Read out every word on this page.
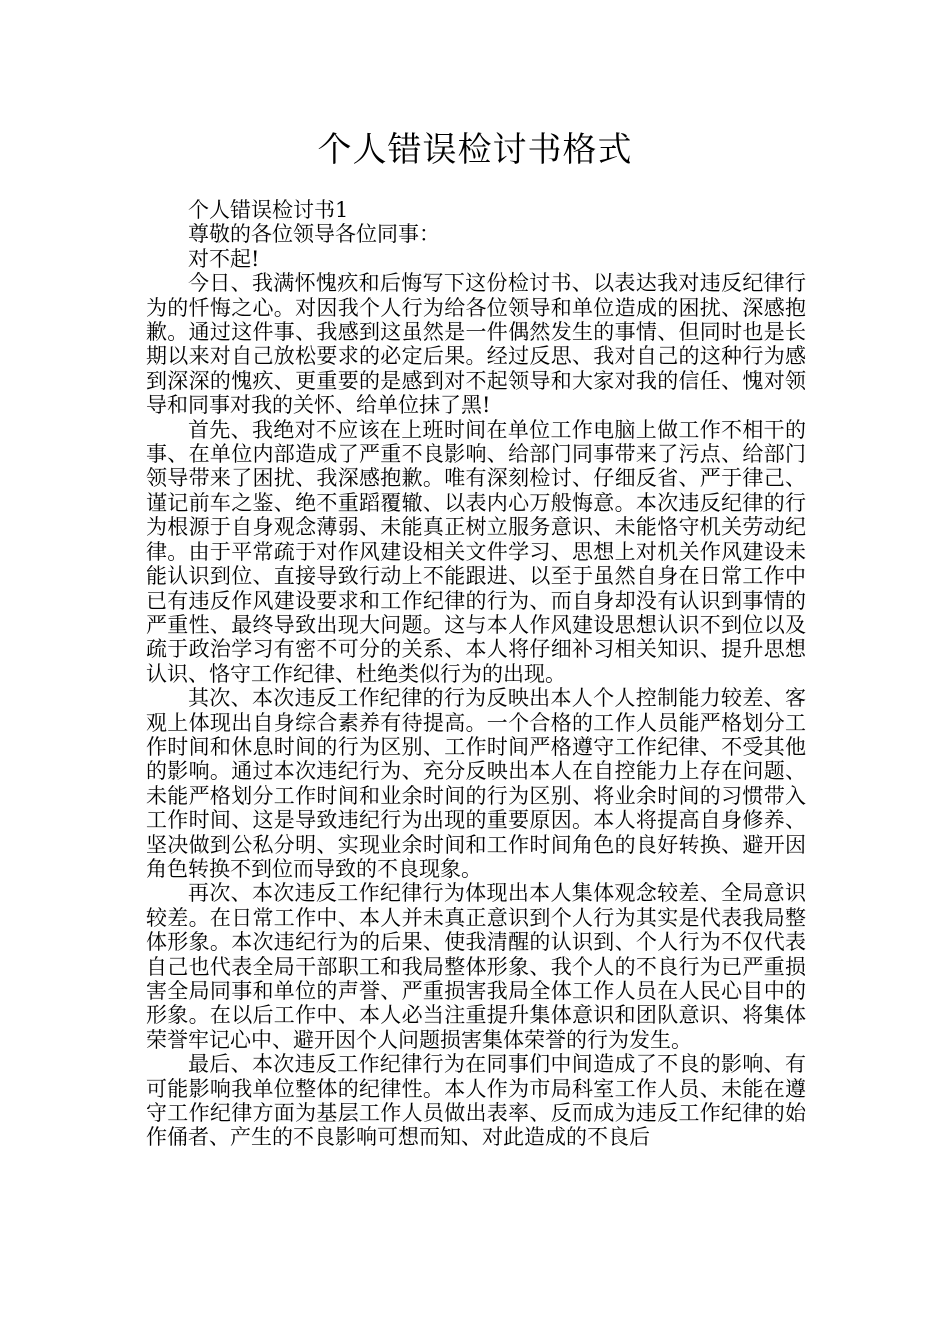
个人错误检讨书格式

个人错误检讨书1

尊敬的各位领导各位同事：

对不起!

今日、我满怀愧疚和后悔写下这份检讨书、以表达我对违反纪律行为的忏悔之心。对因我个人行为给各位领导和单位造成的困扰、深感抱歉。通过这件事、我感到这虽然是一件偶然发生的事情、但同时也是长期以来对自己放松要求的必定后果。经过反思、我对自己的这种行为感到深深的愧疚、更重要的是感到对不起领导和大家对我的信任、愧对领导和同事对我的关怀、给单位抹了黑!

首先、我绝对不应该在上班时间在单位工作电脑上做工作不相干的事、在单位内部造成了严重不良影响、给部门同事带来了污点、给部门领导带来了困扰、我深感抱歉。唯有深刻检讨、仔细反省、严于律己、谨记前车之鉴、绝不重蹈覆辙、以表内心万般悔意。本次违反纪律的行为根源于自身观念薄弱、未能真正树立服务意识、未能恪守机关劳动纪律。由于平常疏于对作风建设相关文件学习、思想上对机关作风建设未能认识到位、直接导致行动上不能跟进、以至于虽然自身在日常工作中已有违反作风建设要求和工作纪律的行为、而自身却没有认识到事情的严重性、最终导致出现大问题。这与本人作风建设思想认识不到位以及疏于政治学习有密不可分的关系、本人将仔细补习相关知识、提升思想认识、恪守工作纪律、杜绝类似行为的出现。

其次、本次违反工作纪律的行为反映出本人个人控制能力较差、客观上体现出自身综合素养有待提高。一个合格的工作人员能严格划分工作时间和休息时间的行为区别、工作时间严格遵守工作纪律、不受其他的影响。通过本次违纪行为、充分反映出本人在自控能力上存在问题、未能严格划分工作时间和业余时间的行为区别、将业余时间的习惯带入工作时间、这是导致违纪行为出现的重要原因。本人将提高自身修养、坚决做到公私分明、实现业余时间和工作时间角色的良好转换、避开因角色转换不到位而导致的不良现象。

再次、本次违反工作纪律行为体现出本人集体观念较差、全局意识较差。在日常工作中、本人并未真正意识到个人行为其实是代表我局整体形象。本次违纪行为的后果、使我清醒的认识到、个人行为不仅代表自己也代表全局干部职工和我局整体形象、我个人的不良行为已严重损害全局同事和单位的声誉、严重损害我局全体工作人员在人民心目中的形象。在以后工作中、本人必当注重提升集体意识和团队意识、将集体荣誉牢记心中、避开因个人问题损害集体荣誉的行为发生。

最后、本次违反工作纪律行为在同事们中间造成了不良的影响、有可能影响我单位整体的纪律性。本人作为市局科室工作人员、未能在遵守工作纪律方面为基层工作人员做出表率、反而成为违反工作纪律的始作俑者、产生的不良影响可想而知、对此造成的不良后
